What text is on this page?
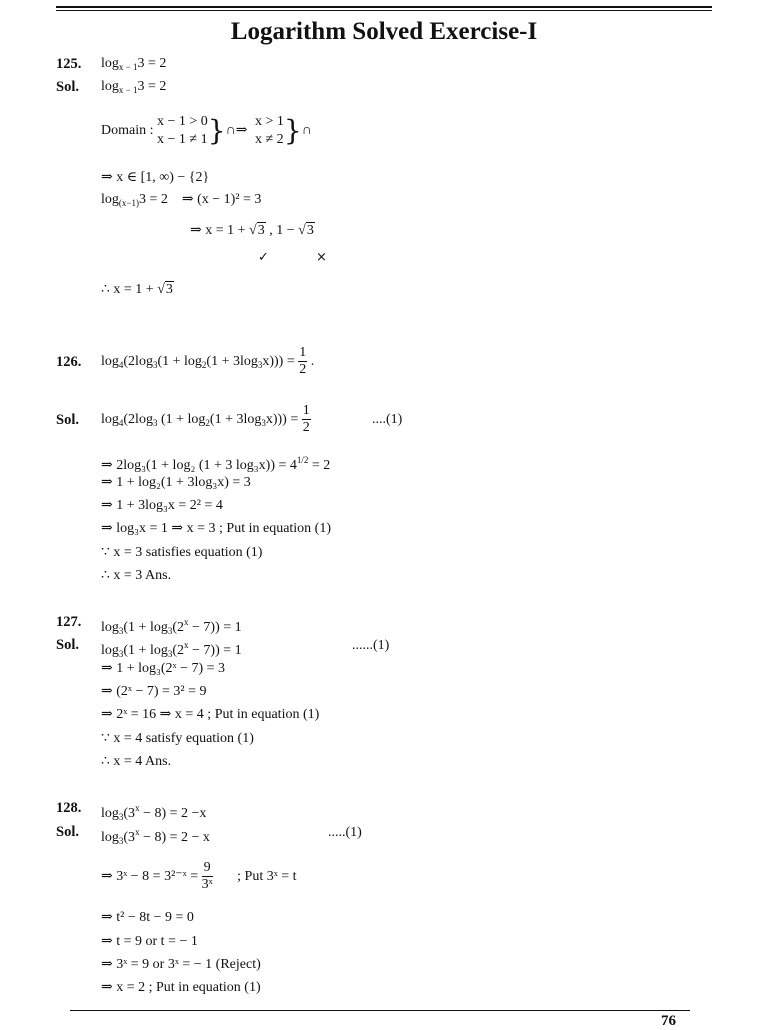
Logarithm Solved Exercise-I
125. $\log_{x - 1}3 = 2$
Sol. $\log_{x - 1}3 = 2$
Domain :
x − 1 > 0
x − 1 ≠ 1 }∩⇒
x > 1
x ≠ 2 }∩
⇒ x ∈ [1, ∞) − {2}
$\log_{(x-1)}3 = 2$    ⇒ (x − 1)² = 3
⇒ x = 1 + √3 , 1 − √3
✓	×
∴ x = 1 + √3
126. $\log_4(2\log_3(1 + \log_2(1 + 3\log_3x))) = \frac{1}{2}$ .
Sol. $\log_4(2\log_3$ $(1 + \log_2(1 + 3\log_3x))) = \frac{1}{2}$	....(1)
⇒ 2log₃(1 + log₂ (1 + 3 $\log_3x)) = 4^{1/2} = 2$
⇒ 1 + log₂(1 + 3log₃x) = 3
⇒ 1 + 3log₃x = 2² = 4
⇒ log₃x = 1 ⇒ x = 3 ; Put in equation (1)
∵ x = 3 satisfies equation (1)
∴ x = 3 Ans.
127. $\log_3(1 + \log_3(2^x - 7)) = 1$
Sol. $\log_3(1 + \log_3(2^x - 7)) = 1$	......(1)
⇒ 1 + log₃(2ˣ − 7) = 3
⇒ (2ˣ − 7) = 3² = 9
⇒ 2ˣ = 16 ⇒ x = 4 ; Put in equation (1)
∵ x = 4 satisfy equation (1)
∴ x = 4 Ans.
128. $\log_3(3^x - 8) = 2 -x$
Sol. $\log_3(3^x - 8) = 2 - x$	.....(1)
⇒ 3ˣ − 8 = 3²⁻ˣ = $\frac{9}{\text{3ˣ}}$ ; Put 3ˣ = t
⇒ t² − 8t − 9 = 0
⇒ t = 9 or t = − 1
⇒ 3ˣ = 9 or 3ˣ = − 1 (Reject)
⇒ x = 2 ; Put in equation (1)
76
